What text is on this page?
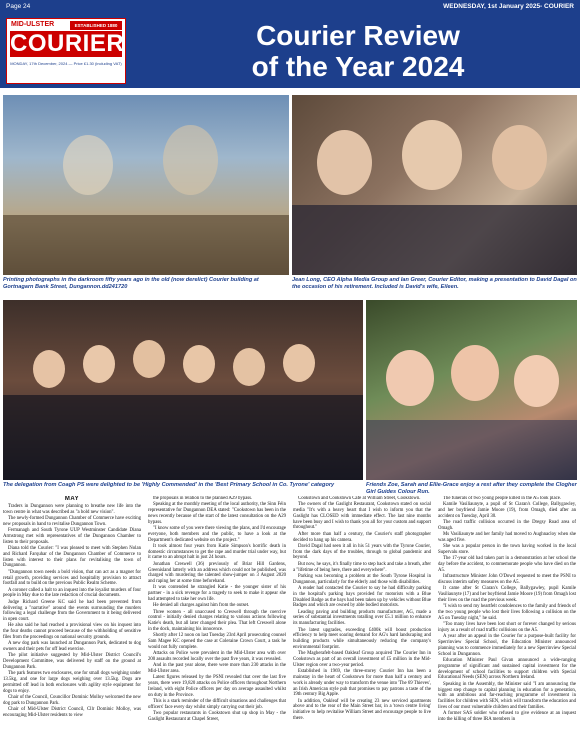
Page 24	WEDNESDAY, 1st January 2025- COURIER
MID-ULSTER	ESTABLISHED 1880
COURIER
MONDAY, 17th December, 2024 — Price £1.30 (including VAT)
Courier Review
of the Year 2024
Printing photographs in the darkroom fifty years ago in the old (now derelict) Courier building at Gortnagarn Bank Street, Dungannon.dd241720
Jean Long, CEO Alpha Media Group and Ian Greer, Courier Editor, making a presentation to David Dagal on the occasion of his retirement. Included is David's wife, Eileen.
The delegation from Coagh PS were delighted to be 'Highly Commended' in the 'Best Primary School in Co. Tyrone' category	Friends Zoe, Sarah and Ellie-Grace enjoy a rest after they complete the Clogher Girl Guides Colour Run.

MAY

Traders in Dungannon were planning to breathe new life into the town centre in what was described as "a bold new vision".

The newly-formed Dungannon Chamber of Commerce have exciting new proposals in hand to revitalise Dungannon Town.

Fermanagh and South Tyrone UUP Westminster Candidate Diana Armstrong met with representatives of the Dungannon Chamber to listen to their proposals.

Diana told the Courier: "I was pleased to meet with Stephen Nolan and Richard Farquhar of the Dungannon Chamber of Commerce to listen with interest to their plans for revitalising the town of Dungannon.

"Dungannon town needs a bold vision, that can act as a magnet for retail growth, providing services and hospitality provision to attract footfall and to build on the previous Public Realm Scheme.

A coroner called a halt to an inquest into the loyalist murders of four people in May due to the late redaction of crucial documents.

Judge Richard Greene KC said he had been prevented from delivering a "narrative" around the events surrounding the murders following a legal challenge from the Government to it being delivered in open court.

He also said he had reached a provisional view on his inquest into the four deaths cannot proceed because of the withholding of sensitive files from the proceedings on national security grounds.

A new dog park was launched at Dungannon Park, dedicated to dog owners and their pets for off lead exercise.

The pilot initiative suggested by Mid-Ulster District Council's Development Committee, was delivered by staff on the ground at Dungannon Park.

The park features two enclosures, one for small dogs weighing under 13.5kg, and one for large dogs weighing over 13.5kg. Dogs are permitted off lead in both enclosures with agility style equipment for dogs to enjoy.

Chair of the Council, Councillor Dominic Molloy welcomed the new dog park to Dungannon Park.

Chair of Mid-Ulster District Council, Cllr Dominic Molloy, was encouraging Mid-Ulster residents to view

the proposals in relation to the planned A29 bypass.

Speaking at the monthly meeting of the local authority, the Sinn Féin representative for Dungannon DEA stated: "Cookstown has been in the news recently because of the start of the latest consultation on the A29 bypass.

"I know some of you were there viewing the plans, and I'd encourage everyone, both members and the public, to have a look at the Department's dedicated website on the project."

It took almost four years from Katie Simpson's horrific death in domestic circumstances to get the rape and murder trial under way, but it came to an abrupt halt in just 24 hours.

Jonathan Creswell (36) previously of Briar Hill Gardens, Greenisland latterly with an address which could not be published, was charged with murdering the talented show-jumper on 3 August 2020 and raping her at some time beforehand.

It was contended he strangled Katie - the younger sister of his partner - in a sick revenge for a tragedy to seek to make it appear she had attempted to take her own life.

He denied all charges against him from the outset.

Three women - all unaccused to Creswell through the coercive control - initially denied charges relating to various actions following Katie's death, but all later changed their plea. That left Creswell alone in the dock, maintaining his innocence.

Shortly after 12 noon on last Tuesday 23rd April prosecuting counsel Sam Magee KC opened the case at Coleraine Crown Court, a task he would not fully complete.

Attacks on Police were prevalent in the Mid-Ulster area with over 200 assaults recorded locally over the past five years, it was revealed.

And in the past year alone, there were more than 230 attacks in the Mid-Ulster area.

Latest figures released by the PSNI revealed that over the last five years, there were 19,820 attacks on Police officers throughout Northern Ireland, with eight Police officers per day on average assaulted whilst on duty in the Province.

This is a stark reminder of the difficult situations and challenges that officers' face every day whilst simply carrying out their job.

Two popular restaurants in Cookstown shut up shop in May - the Gaslight Restaurant at Chapel Street,

Cookstown and Cookstown Cafe at William Street, Cookstown.

The owners of the Gaslight Restaurant, Cookstown stated on social media "It's with a heavy heart that I wish to inform you that the Gaslight has CLOSED with immediate effect. The last nine months have been busy and I wish to thank you all for your custom and support throughout."

After more than half a century, the Courier's staff photographer decided to hang up his camera.

David Dagal had seen it all in his 51 years with the Tyrone Courier, from the dark days of the troubles, through to global pandemic and beyond.

But now, he says, it's finally time to step back and take a breath, after a "lifetime of being here, there and everywhere".

Parking was becoming a problem at the South Tyrone Hospital in Dungannon, particularly for the elderly and those with disabilities.

A reader had contacted the Courier to say he had difficulty parking in the hospital's parking bays provided for motorists with a Blue Disabled Badge as the bays had been taken up by vehicles without Blue Badges and which are owned by able bodied motorists.

Leading paving and building products manufacturer, AG, made a series of substantial investments totalling over £5.1 million to enhance its manufacturing facilities.

The latest upgrades, exceeding £400k will boost production efficiency to help meet soaring demand for AG's hard landscaping and building products while simultaneously reducing the company's environmental footprint.

The Magherafelt-based Oakleaf Group acquired The Courier Inn in Cookstown as part of an overall investment of £5 million in the Mid-Ulster region over a two-year period.

Established in 1969, the three-storey Courier Inn has been a mainstay in the heart of Cookstown for more than half a century and work is already under way to transform the venue into 'The 69 Thieves', an Irish American style pub that promises to pay patrons a taste of the 19th century Big Apple.

In addition, Oakleaf will be creating 23 new serviced apartments above and to the rear of the Main Street bar, in a 'town centre living' initiative to help revitalise William Street and encourage people to live there.

The funerals of two young people killed in the A5 took place.

Kamile Vasiliaunyte, a pupil of St Ciaran's College, Ballygawley, and her boyfriend Jamie Moore (19), from Omagh, died after an accident on Tuesday, April 30.

The road traffic collision occurred in the Dregsy Road area of Omagh.

Ms Vasiliaunyte and her family had moved to Aughnacloy when she was aged five.

She was a popular person in the town having worked in the local Supervalu store.

The 17-year old had taken part in a demonstration at her school the day before the accident, to commemorate people who have died on the A5.

Infrastructure Minister John O'Dowd requested to meet the PSNI to discuss interim safety measures on the A5.

It came after St Ciaran's College, Ballygawley, pupil Kamile Vasiliaunyte (17) and her boyfriend Jamie Moore (19) from Omagh lost their lives on the road the previous week.

"I wish to send my heartfelt condolences to the family and friends of the two young people who lost their lives following a collision on the A5 on Tuesday night," he said.

"Too many lives have been lost short or forever changed by serious injury as a result of road traffic collisions on the A5.

A year after an appeal in the Courier for a purpose-built facility for Sperrinview Special School, the Education Minister announced planning was to commence immediately for a new Sperrinview Special School in Dungannon.

Education Minister Paul Givan announced a wide-ranging programme of significant and sustained capital investment for the development of school facilities to support children with Special Educational Needs (SEN) across Northern Ireland.

Speaking in the Assembly, the Minister said "I am announcing the biggest step change to capital planning in education for a generation, with an ambitious and far-reaching programme of investment in facilities for children with SEN, which will transform the education and lives of our most vulnerable children and their families.

A former SAS soldier who refused to give evidence at an inquest into the killing of three IRA members in
